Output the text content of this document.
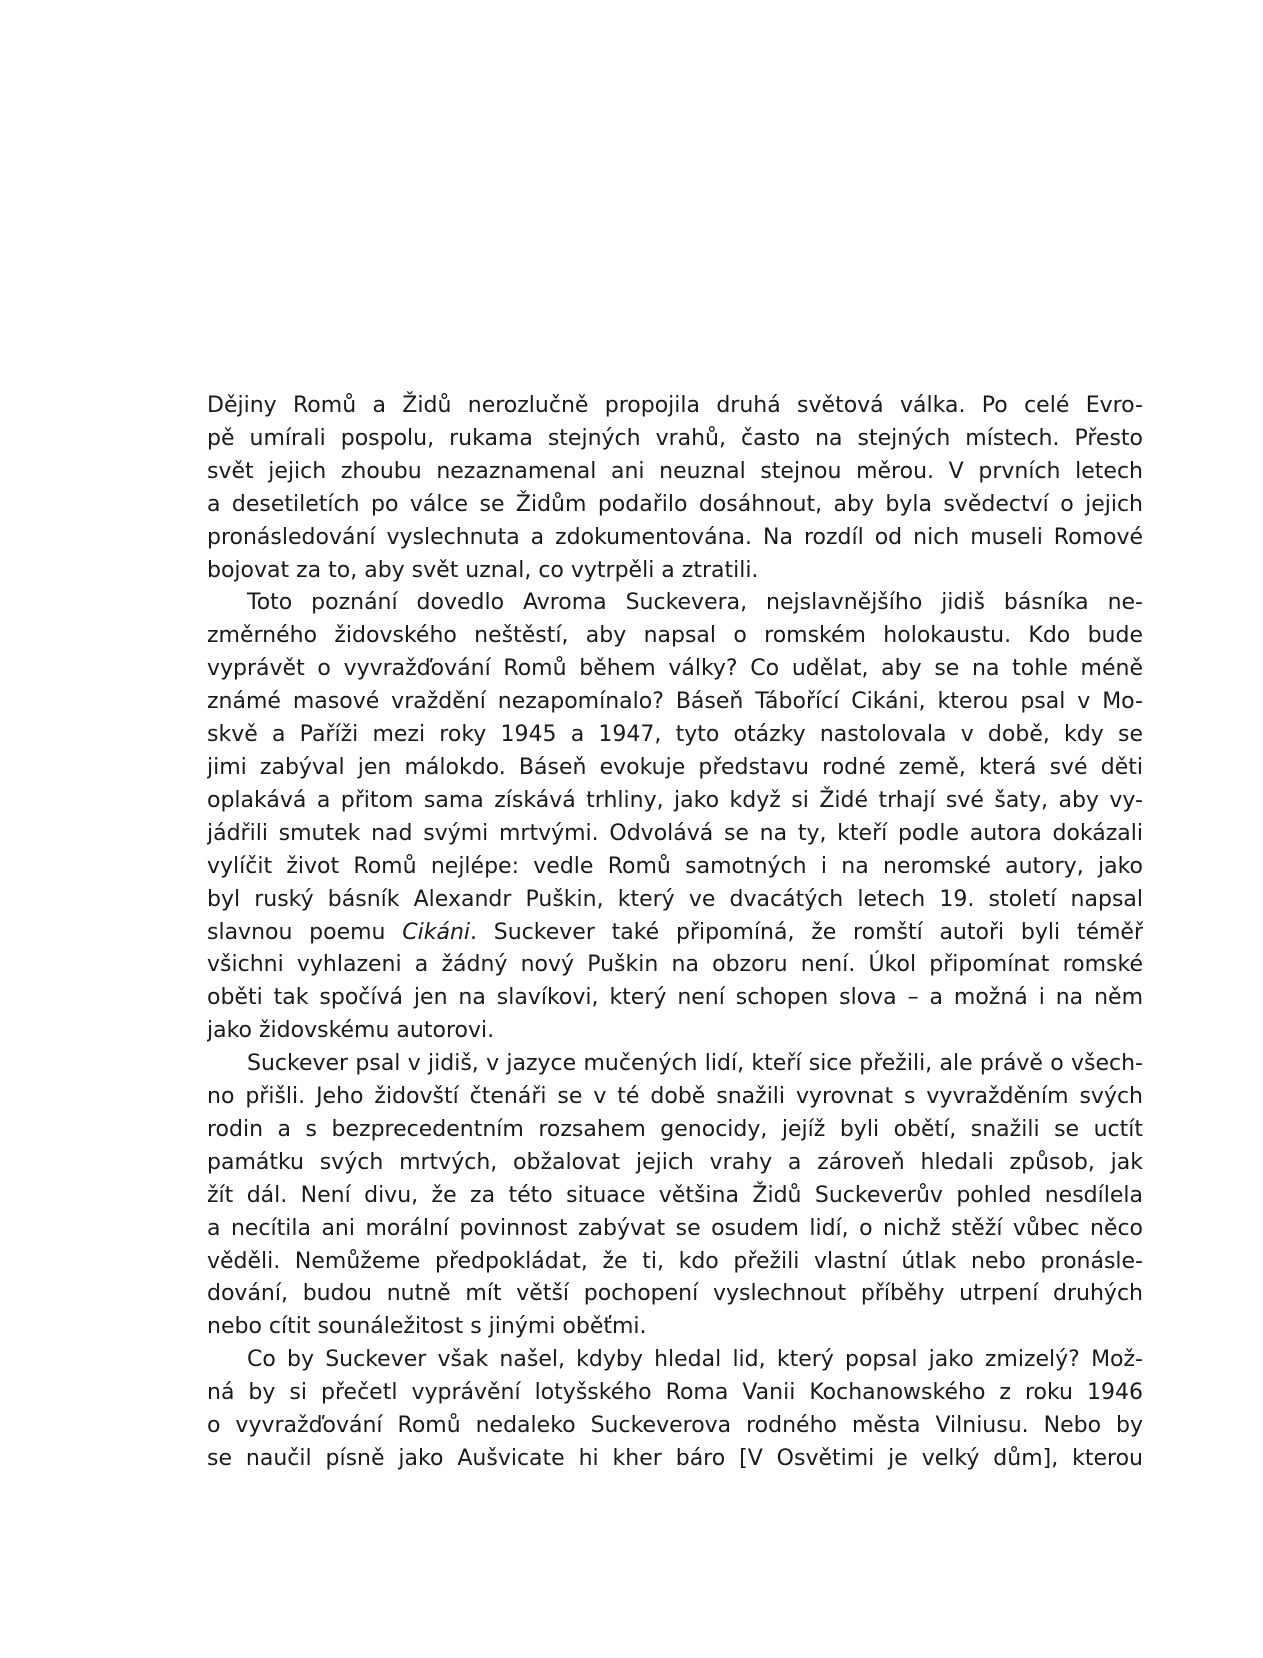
Dějiny Romů a Židů nerozlučně propojila druhá světová válka. Po celé Evro-
pě umírali pospolu, rukama stejných vrahů, často na stejných místech. Přesto
svět jejich zhoubu nezaznamenal ani neuznal stejnou měrou. V prvních letech
a desetiletích po válce se Židům podařilo dosáhnout, aby byla svědectví o jejich
pronásledování vyslechnuta a zdokumentována. Na rozdíl od nich museli Romové
bojovat za to, aby svět uznal, co vytrpěli a ztratili.

Toto poznání dovedlo Avroma Suckevera, nejslavnějšího jidiš básníka ne-
změrného židovského neštěstí, aby napsal o romském holokaustu. Kdo bude
vyprávět o vyvražďování Romů během války? Co udělat, aby se na tohle méně
známé masové vraždění nezapomínalo? Báseň Tábořící Cikáni, kterou psal v Mo-
skvě a Paříži mezi roky 1945 a 1947, tyto otázky nastolovala v době, kdy se
jimi zabýval jen málokdo. Báseň evokuje představu rodné země, která své děti
oplakává a přitom sama získává trhliny, jako když si Židé trhají své šaty, aby vy-
jádřili smutek nad svými mrtvými. Odvolává se na ty, kteří podle autora dokázali
vylíčit život Romů nejlépe: vedle Romů samotných i na neromské autory, jako
byl ruský básník Alexandr Puškin, který ve dvacátých letech 19. století napsal
slavnou poemu Cikáni. Suckever také připomíná, že romští autoři byli téměř
všichni vyhlazeni a žádný nový Puškin na obzoru není. Úkol připomínat romské
oběti tak spočívá jen na slavíkovi, který není schopen slova – a možná i na něm
jako židovskému autorovi.

Suckever psal v jidiš, v jazyce mučených lidí, kteří sice přežili, ale právě o všech-
no přišli. Jeho židovští čtenáři se v té době snažili vyrovnat s vyvražděním svých
rodin a s bezprecedentním rozsahem genocidy, jejíž byli obětí, snažili se uctít
památku svých mrtvých, obžalovat jejich vrahy a zároveň hledali způsob, jak
žít dál. Není divu, že za této situace většina Židů Suckeverův pohled nesdílela
a necítila ani morální povinnost zabývat se osudem lidí, o nichž stěží vůbec něco
věděli. Nemůžeme předpokládat, že ti, kdo přežili vlastní útlak nebo pronásle-
dování, budou nutně mít větší pochopení vyslechnout příběhy utrpení druhých
nebo cítit sounáležitost s jinými oběťmi.

Co by Suckever však našel, kdyby hledal lid, který popsal jako zmizelý? Mož-
ná by si přečetl vyprávění lotyšského Roma Vanii Kochanowského z roku 1946
o vyvražďování Romů nedaleko Suckeverova rodného města Vilniusu. Nebo by
se naučil písně jako Aušvicate hi kher báro [V Osvětimi je velký dům], kterou
